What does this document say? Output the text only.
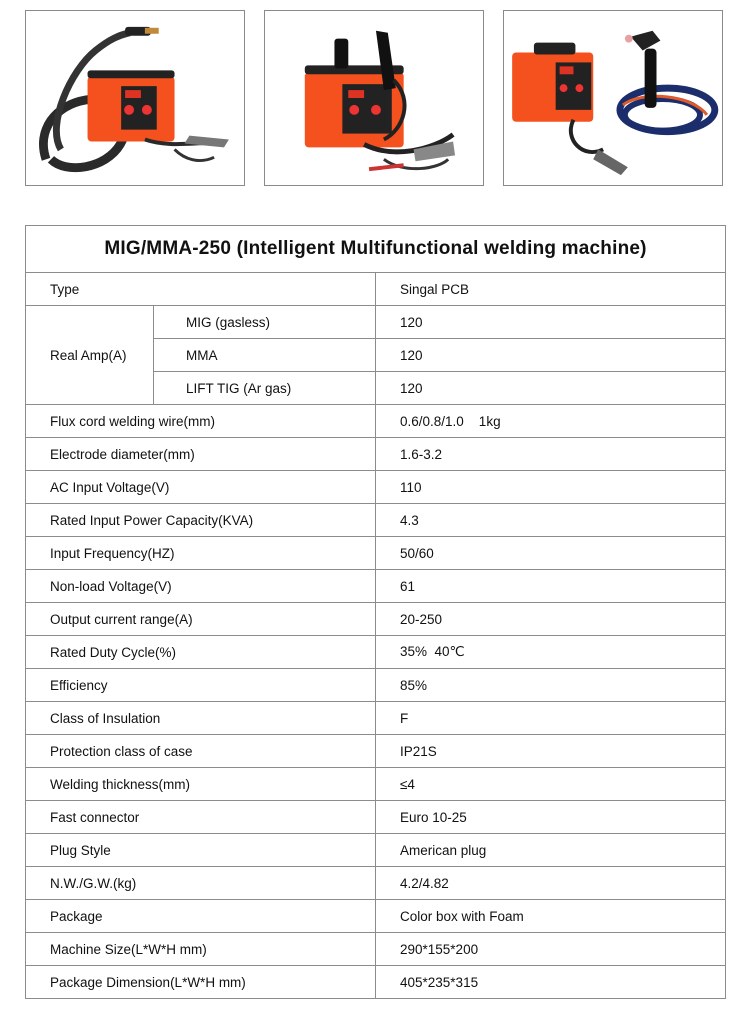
MIG/MMA-250 (Intelligent Multifunctional welding machine)		
Type		Singal PCB
Real Amp(A)	MIG (gasless)	120
	MMA	120
	LIFT TIG (Ar gas)	120
Flux cord welding wire(mm)		0.6/0.8/1.0    1kg
Electrode diameter(mm)		1.6-3.2
AC Input Voltage(V)		110
Rated Input Power Capacity(KVA)		4.3
Input Frequency(HZ)		50/60
Non-load Voltage(V)		61
Output current range(A)		20-250
Rated Duty Cycle(%)		35%  40℃
Efficiency		85%
Class of Insulation		F
Protection class of case		IP21S
Welding thickness(mm)		≤4
Fast connector		Euro 10-25
Plug Style		American plug
N.W./G.W.(kg)		4.2/4.82
Package		Color box with Foam
Machine Size(L*W*H mm)		290*155*200
Package Dimension(L*W*H mm)		405*235*315
